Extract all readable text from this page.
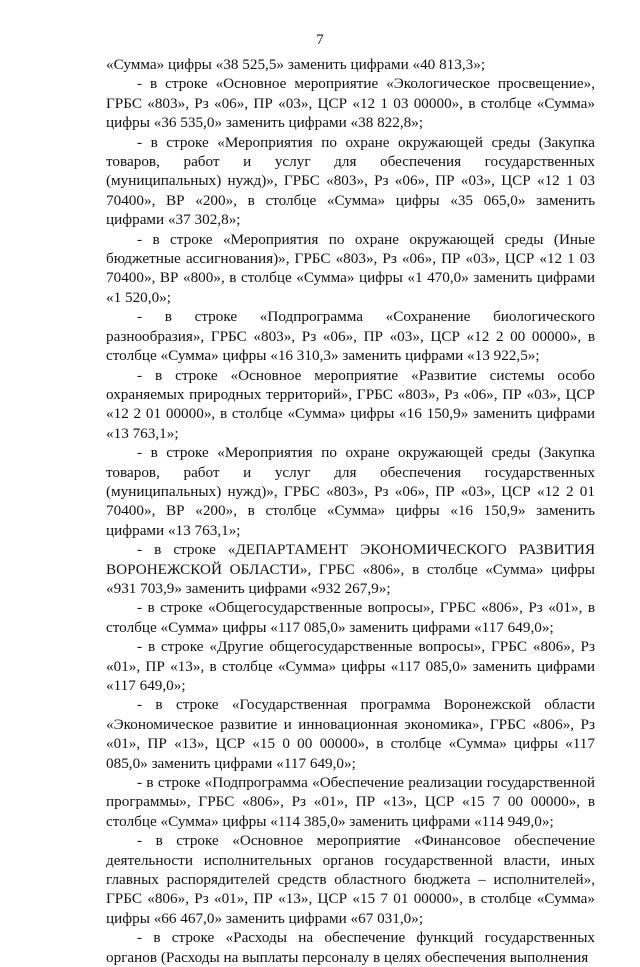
7

«Сумма» цифры «38 525,5» заменить цифрами «40 813,3»;

- в строке «Основное мероприятие «Экологическое просвещение», ГРБС «803», Рз «06», ПР «03», ЦСР «12 1 03 00000», в столбце «Сумма» цифры «36 535,0» заменить цифрами «38 822,8»;

- в строке «Мероприятия по охране окружающей среды (Закупка товаров, работ и услуг для обеспечения государственных (муниципальных) нужд)», ГРБС «803», Рз «06», ПР «03», ЦСР «12 1 03 70400», ВР «200», в столбце «Сумма» цифры «35 065,0» заменить цифрами «37 302,8»;

- в строке «Мероприятия по охране окружающей среды (Иные бюджетные ассигнования)», ГРБС «803», Рз «06», ПР «03», ЦСР «12 1 03 70400», ВР «800», в столбце «Сумма» цифры «1 470,0» заменить цифрами «1 520,0»;

- в строке «Подпрограмма «Сохранение биологического разнообразия», ГРБС «803», Рз «06», ПР «03», ЦСР «12 2 00 00000», в столбце «Сумма» цифры «16 310,3» заменить цифрами «13 922,5»;

- в строке «Основное мероприятие «Развитие системы особо охраняемых природных территорий», ГРБС «803», Рз «06», ПР «03», ЦСР «12 2 01 00000», в столбце «Сумма» цифры «16 150,9» заменить цифрами «13 763,1»;

- в строке «Мероприятия по охране окружающей среды (Закупка товаров, работ и услуг для обеспечения государственных (муниципальных) нужд)», ГРБС «803», Рз «06», ПР «03», ЦСР «12 2 01 70400», ВР «200», в столбце «Сумма» цифры «16 150,9» заменить цифрами «13 763,1»;

- в строке «ДЕПАРТАМЕНТ ЭКОНОМИЧЕСКОГО РАЗВИТИЯ ВОРОНЕЖСКОЙ ОБЛАСТИ», ГРБС «806», в столбце «Сумма» цифры «931 703,9» заменить цифрами «932 267,9»;

- в строке «Общегосударственные вопросы», ГРБС «806», Рз «01», в столбце «Сумма» цифры «117 085,0» заменить цифрами «117 649,0»;

- в строке «Другие общегосударственные вопросы», ГРБС «806», Рз «01», ПР «13», в столбце «Сумма» цифры «117 085,0» заменить цифрами «117 649,0»;

- в строке «Государственная программа Воронежской области «Экономическое развитие и инновационная экономика», ГРБС «806», Рз «01», ПР «13», ЦСР «15 0 00 00000», в столбце «Сумма» цифры «117 085,0» заменить цифрами «117 649,0»;

- в строке «Подпрограмма «Обеспечение реализации государственной программы», ГРБС «806», Рз «01», ПР «13», ЦСР «15 7 00 00000», в столбце «Сумма» цифры «114 385,0» заменить цифрами «114 949,0»;

- в строке «Основное мероприятие «Финансовое обеспечение деятельности исполнительных органов государственной власти, иных главных распорядителей средств областного бюджета – исполнителей», ГРБС «806», Рз «01», ПР «13», ЦСР «15 7 01 00000», в столбце «Сумма» цифры «66 467,0» заменить цифрами «67 031,0»;

- в строке «Расходы на обеспечение функций государственных органов (Расходы на выплаты персоналу в целях обеспечения выполнения
